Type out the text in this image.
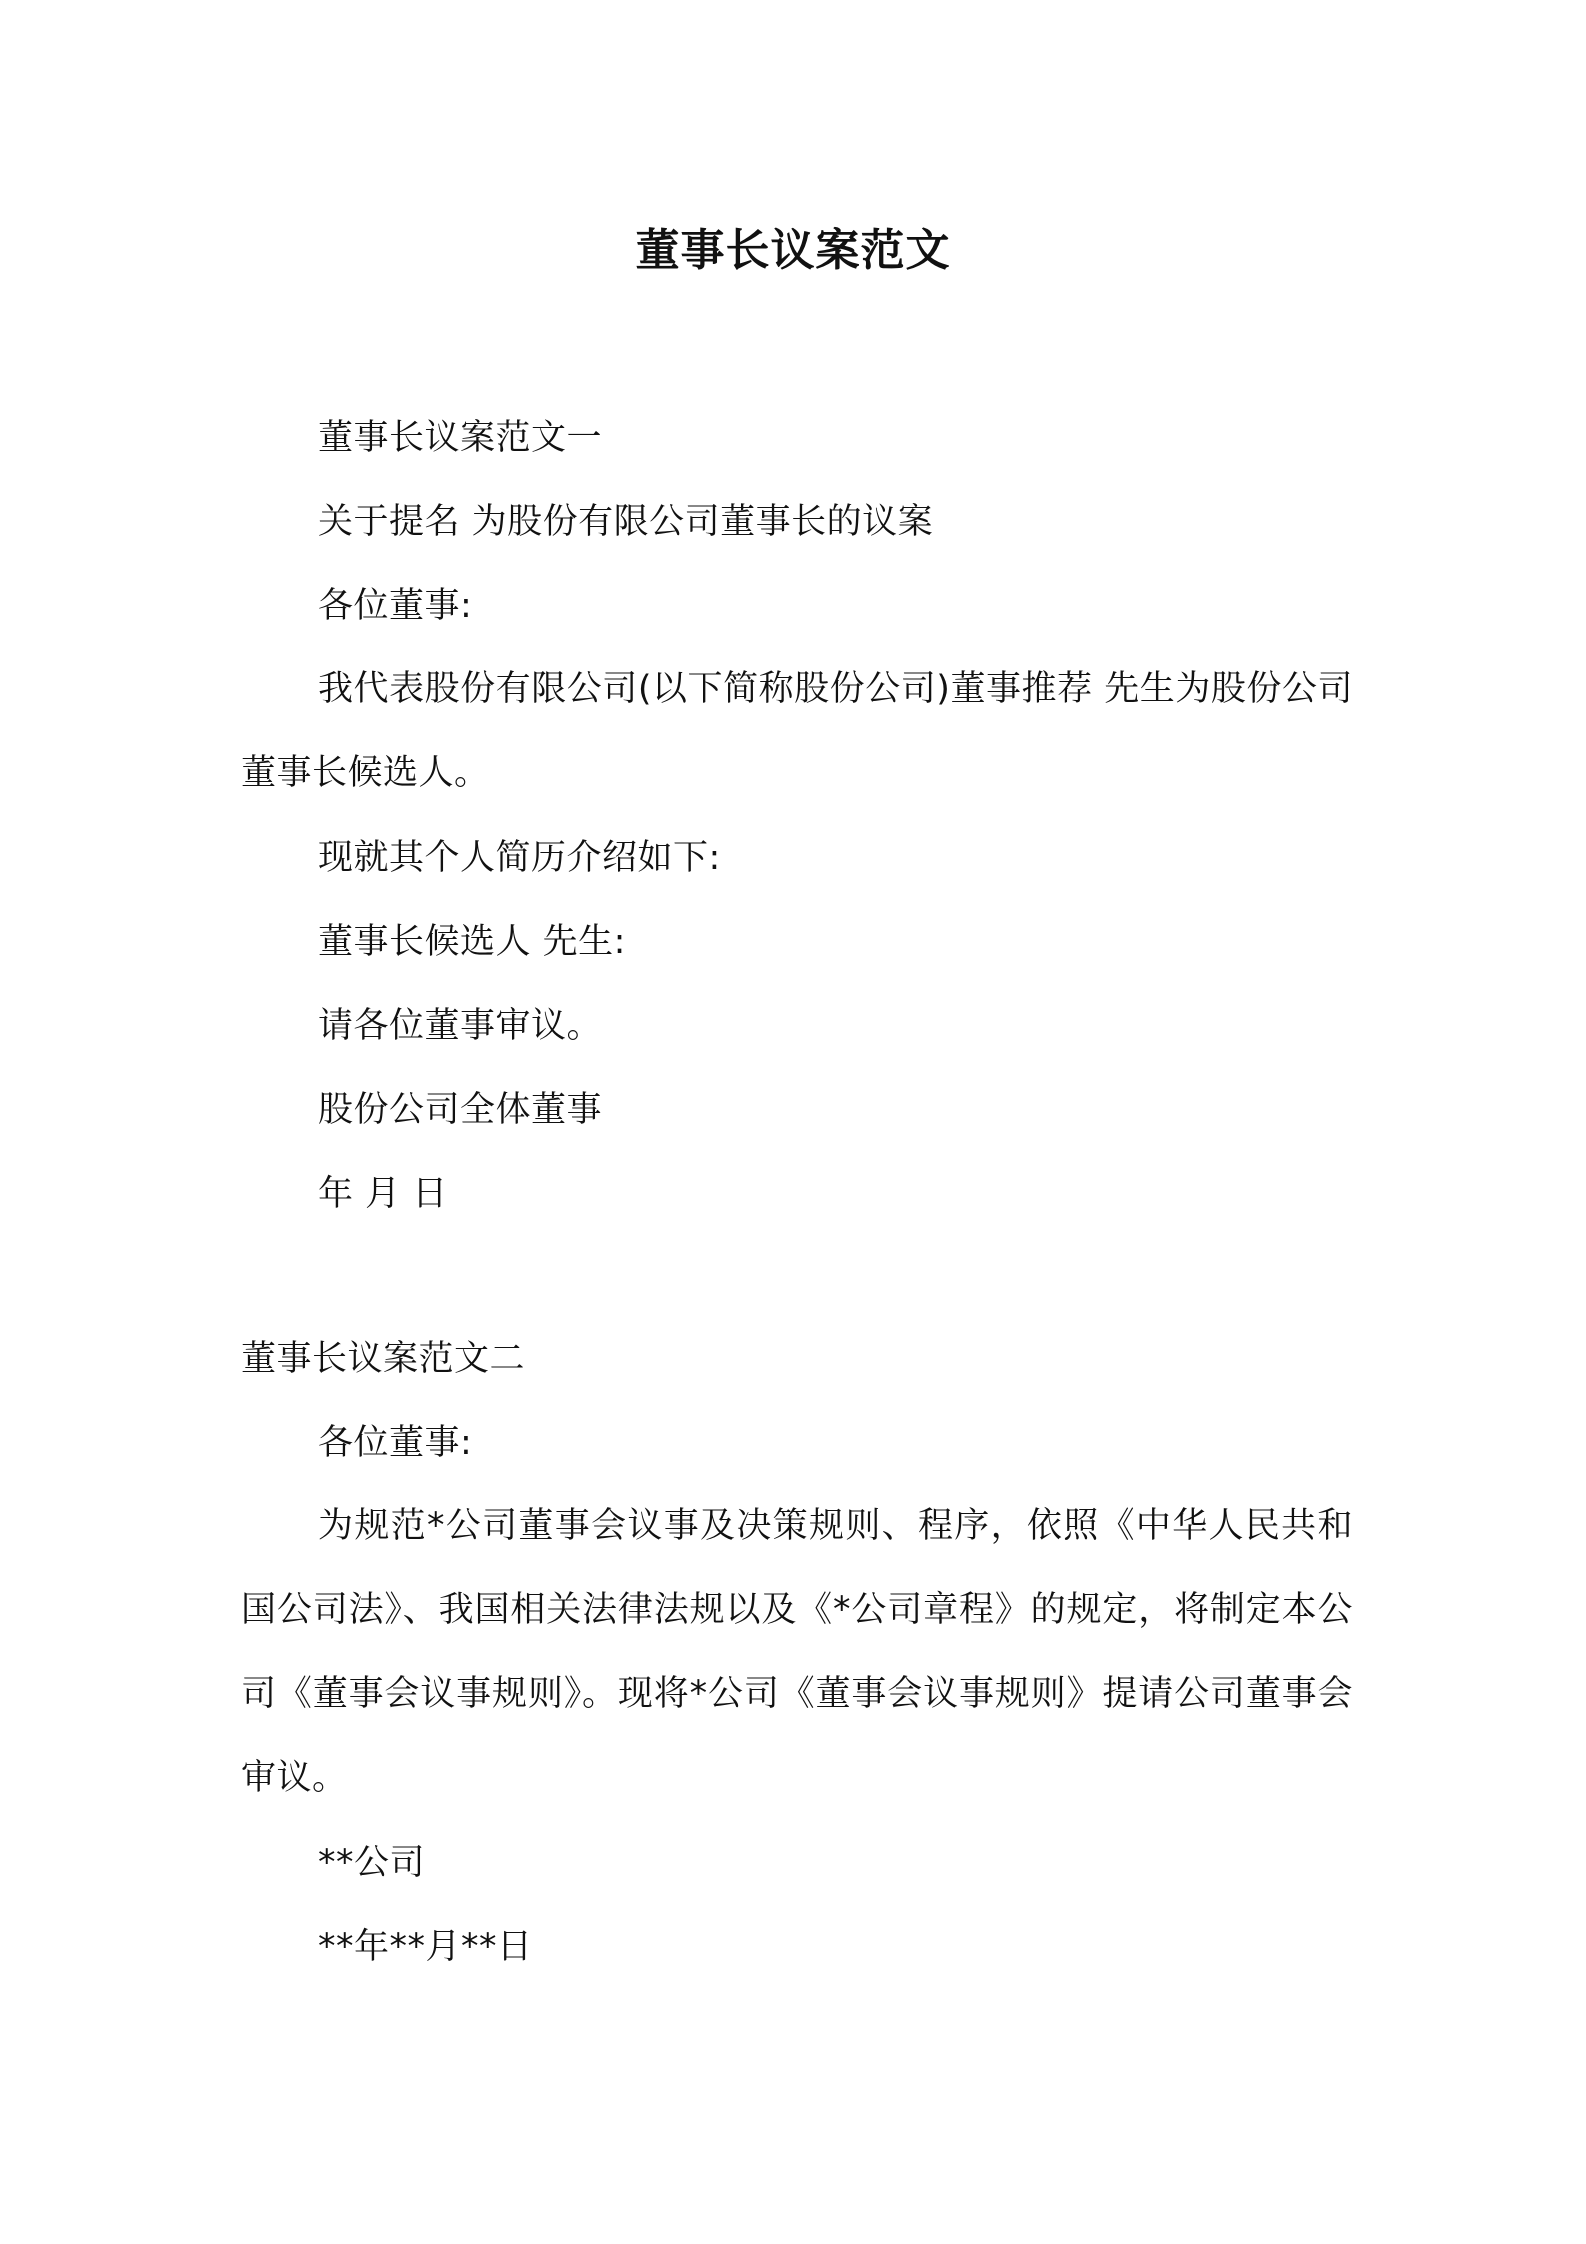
董事长议案范文
董事长议案范文一
关于提名 为股份有限公司董事长的议案
各位董事:
我代表股份有限公司(以下简称股份公司)董事推荐 先生为股份公司董事长候选人。
现就其个人简历介绍如下:
董事长候选人 先生:
请各位董事审议。
股份公司全体董事
年 月 日
董事长议案范文二
各位董事:
为规范*公司董事会议事及决策规则、程序，依照《中华人民共和国公司法》、我国相关法律法规以及《*公司章程》的规定，将制定本公司《董事会议事规则》。现将*公司《董事会议事规则》提请公司董事会审议。
**公司
**年**月**日
